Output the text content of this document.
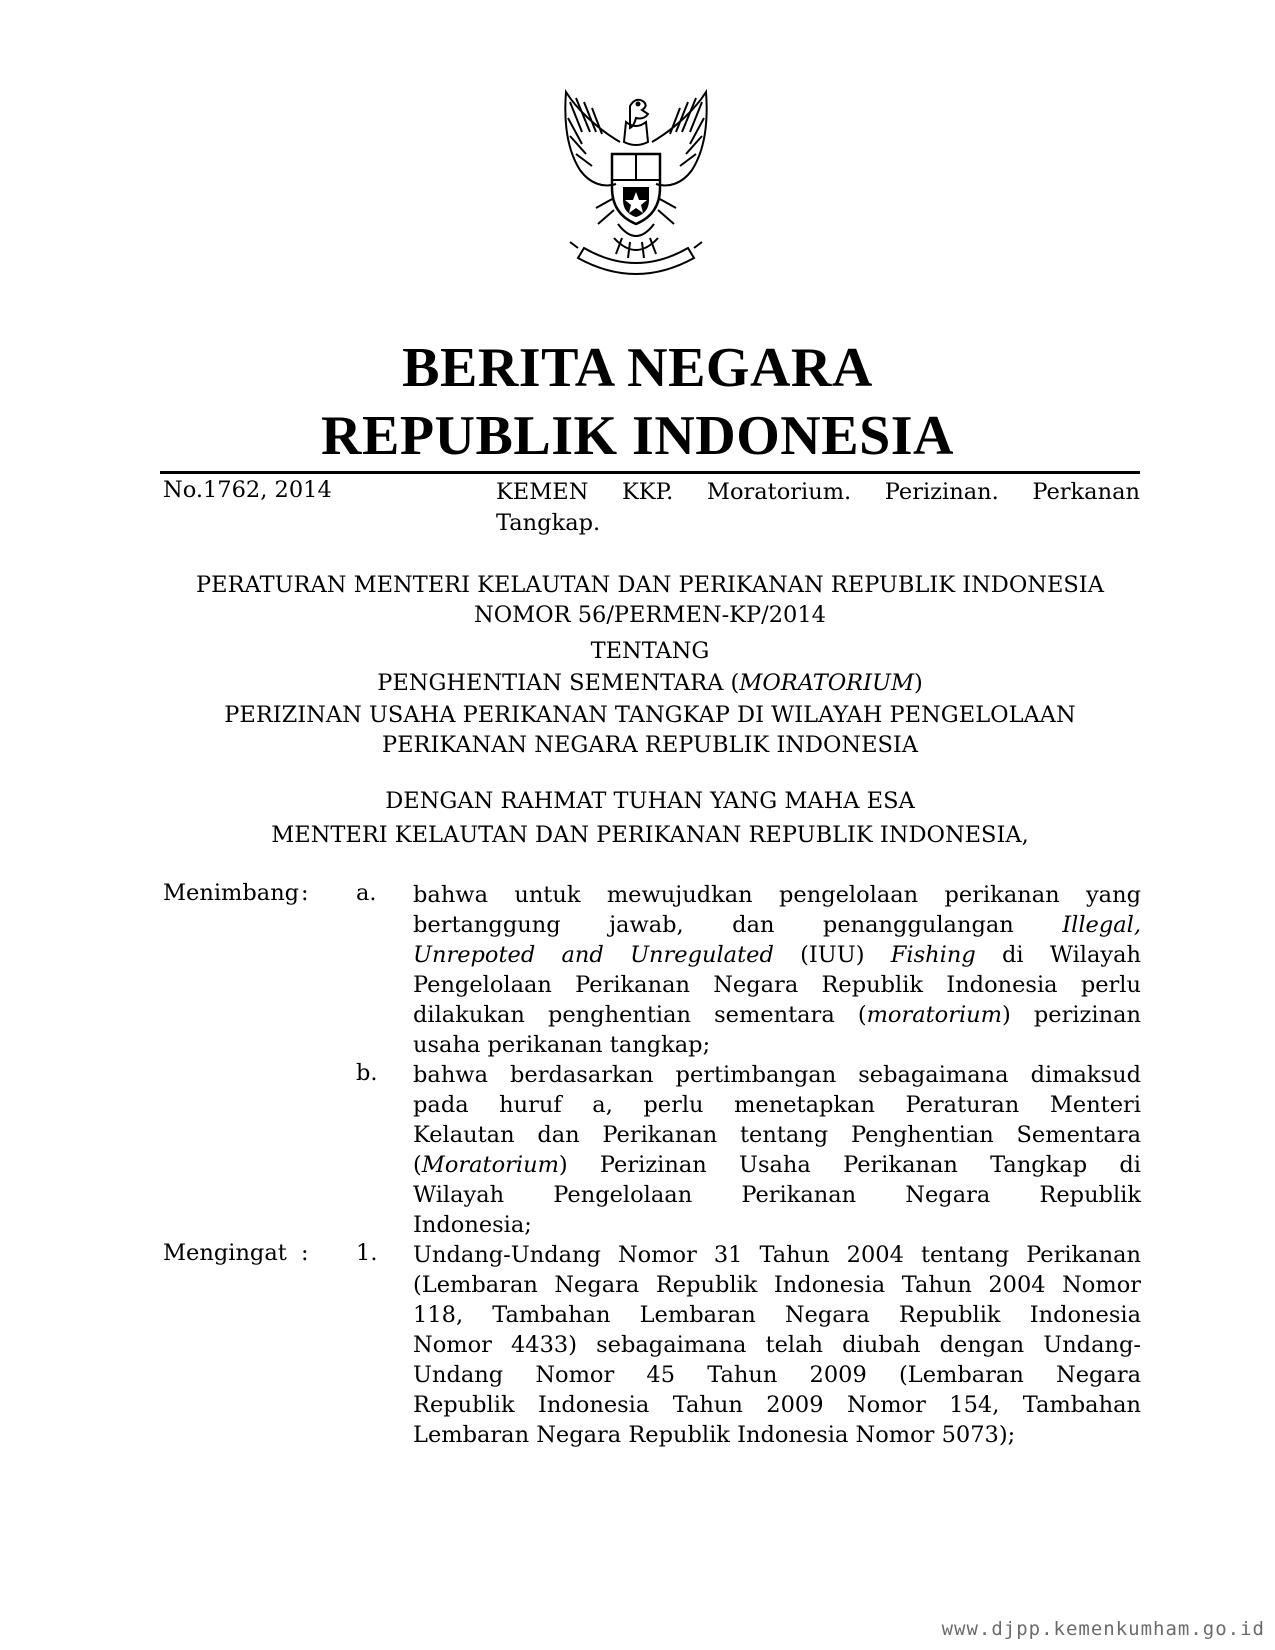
BERITA NEGARA
REPUBLIK INDONESIA
No.1762, 2014	KEMEN KKP. Moratorium. Perizinan. Perkanan
Tangkap.
PERATURAN MENTERI KELAUTAN DAN PERIKANAN REPUBLIK INDONESIA
NOMOR 56/PERMEN-KP/2014
TENTANG
PENGHENTIAN SEMENTARA (MORATORIUM)
PERIZINAN USAHA PERIKANAN TANGKAP DI WILAYAH PENGELOLAAN
PERIKANAN NEGARA REPUBLIK INDONESIA
DENGAN RAHMAT TUHAN YANG MAHA ESA
MENTERI KELAUTAN DAN PERIKANAN REPUBLIK INDONESIA,
Menimbang : a. bahwa untuk mewujudkan pengelolaan perikanan yang
bertanggung jawab, dan penanggulangan Illegal,
Unrepoted and Unregulated (IUU) Fishing di Wilayah
Pengelolaan Perikanan Negara Republik Indonesia perlu
dilakukan penghentian sementara (moratorium) perizinan
usaha perikanan tangkap;
b. bahwa berdasarkan pertimbangan sebagaimana dimaksud
pada huruf a, perlu menetapkan Peraturan Menteri
Kelautan dan Perikanan tentang Penghentian Sementara
(Moratorium) Perizinan Usaha Perikanan Tangkap di
Wilayah Pengelolaan Perikanan Negara Republik
Indonesia;
Mengingat : 1. Undang-Undang Nomor 31 Tahun 2004 tentang Perikanan
(Lembaran Negara Republik Indonesia Tahun 2004 Nomor
118, Tambahan Lembaran Negara Republik Indonesia
Nomor 4433) sebagaimana telah diubah dengan Undang-
Undang Nomor 45 Tahun 2009 (Lembaran Negara
Republik Indonesia Tahun 2009 Nomor 154, Tambahan
Lembaran Negara Republik Indonesia Nomor 5073);
www.djpp.kemenkumham.go.id
